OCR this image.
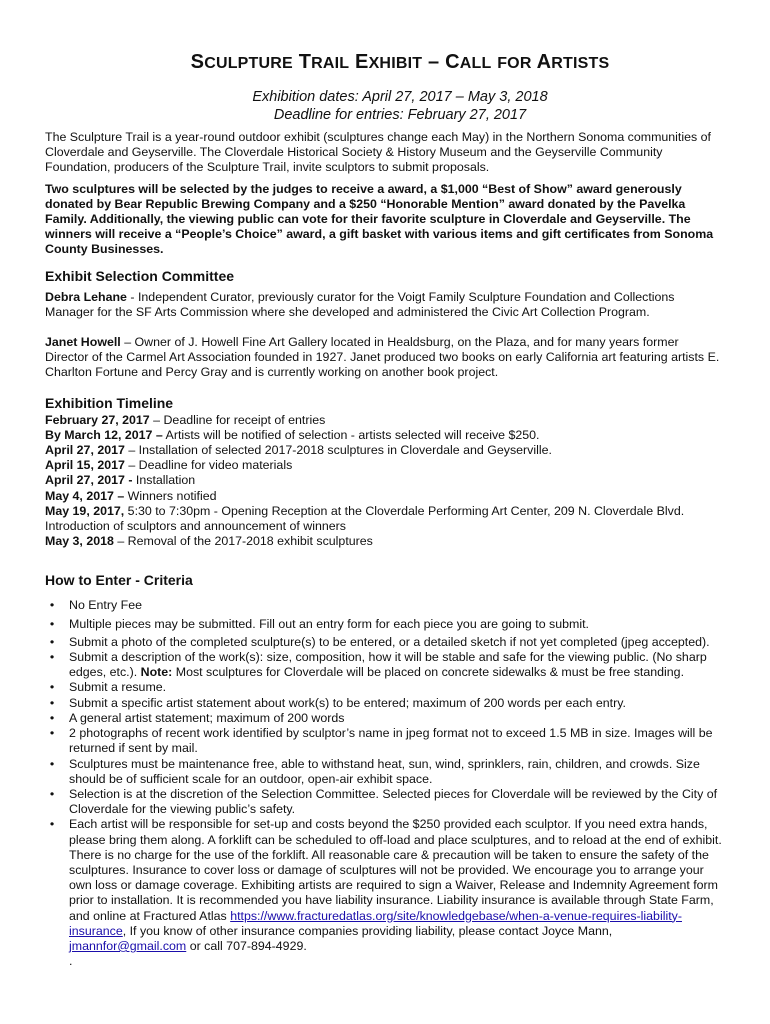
SCULPTURE TRAIL EXHIBIT – CALL FOR ARTISTS
Exhibition dates: April 27, 2017 – May 3, 2018
Deadline for entries: February 27, 2017

The Sculpture Trail is a year-round outdoor exhibit (sculptures change each May) in the Northern Sonoma communities of Cloverdale and Geyserville. The Cloverdale Historical Society & History Museum and the Geyserville Community Foundation, producers of the Sculpture Trail, invite sculptors to submit proposals.

Two sculptures will be selected by the judges to receive a award, a $1,000 “Best of Show” award generously donated by Bear Republic Brewing Company and a $250 “Honorable Mention” award donated by the Pavelka Family. Additionally, the viewing public can vote for their favorite sculpture in Cloverdale and Geyserville. The winners will receive a “People’s Choice” award, a gift basket with various items and gift certificates from Sonoma County Businesses.

Exhibit Selection Committee

Debra Lehane - Independent Curator, previously curator for the Voigt Family Sculpture Foundation and Collections Manager for the SF Arts Commission where she developed and administered the Civic Art Collection Program.

Janet Howell – Owner of J. Howell Fine Art Gallery located in Healdsburg, on the Plaza, and for many years former Director of the Carmel Art Association founded in 1927. Janet produced two books on early California art featuring artists E. Charlton Fortune and Percy Gray and is currently working on another book project.

Exhibition Timeline
February 27, 2017 – Deadline for receipt of entries
By March 12, 2017 – Artists will be notified of selection - artists selected will receive $250.
April 27, 2017 – Installation of selected 2017-2018 sculptures in Cloverdale and Geyserville.
April 15, 2017 – Deadline for video materials
April 27, 2017 - Installation
May 4, 2017 – Winners notified
May 19, 2017, 5:30 to 7:30pm - Opening Reception at the Cloverdale Performing Art Center, 209 N. Cloverdale Blvd.
Introduction of sculptors and announcement of winners
May 3, 2018 – Removal of the 2017-2018 exhibit sculptures
How to Enter - Criteria
•	No Entry Fee
•	Multiple pieces may be submitted. Fill out an entry form for each piece you are going to submit.
•	Submit a photo of the completed sculpture(s) to be entered, or a detailed sketch if not yet completed (jpeg accepted).
•	Submit a description of the work(s): size, composition, how it will be stable and safe for the viewing public. (No sharp edges, etc.). Note: Most sculptures for Cloverdale will be placed on concrete sidewalks & must be free standing.
•	Submit a resume.
•	Submit a specific artist statement about work(s) to be entered; maximum of 200 words per each entry.
•	A general artist statement; maximum of 200 words
•	2 photographs of recent work identified by sculptor’s name in jpeg format not to exceed 1.5 MB in size. Images will be returned if sent by mail.
•	Sculptures must be maintenance free, able to withstand heat, sun, wind, sprinklers, rain, children, and crowds. Size should be of sufficient scale for an outdoor, open-air exhibit space.
•	Selection is at the discretion of the Selection Committee. Selected pieces for Cloverdale will be reviewed by the City of Cloverdale for the viewing public’s safety.
•	Each artist will be responsible for set-up and costs beyond the $250 provided each sculptor. If you need extra hands, please bring them along. A forklift can be scheduled to off-load and place sculptures, and to reload at the end of exhibit. There is no charge for the use of the forklift. All reasonable care & precaution will be taken to ensure the safety of the sculptures. Insurance to cover loss or damage of sculptures will not be provided. We encourage you to arrange your own loss or damage coverage. Exhibiting artists are required to sign a Waiver, Release and Indemnity Agreement form prior to installation. It is recommended you have liability insurance. Liability insurance is available through State Farm, and online at Fractured Atlas https://www.fracturedatlas.org/site/knowledgebase/when-a-venue-requires-liability-insurance, If you know of other insurance companies providing liability, please contact Joyce Mann, jmannfor@gmail.com or call 707-894-4929.
.
